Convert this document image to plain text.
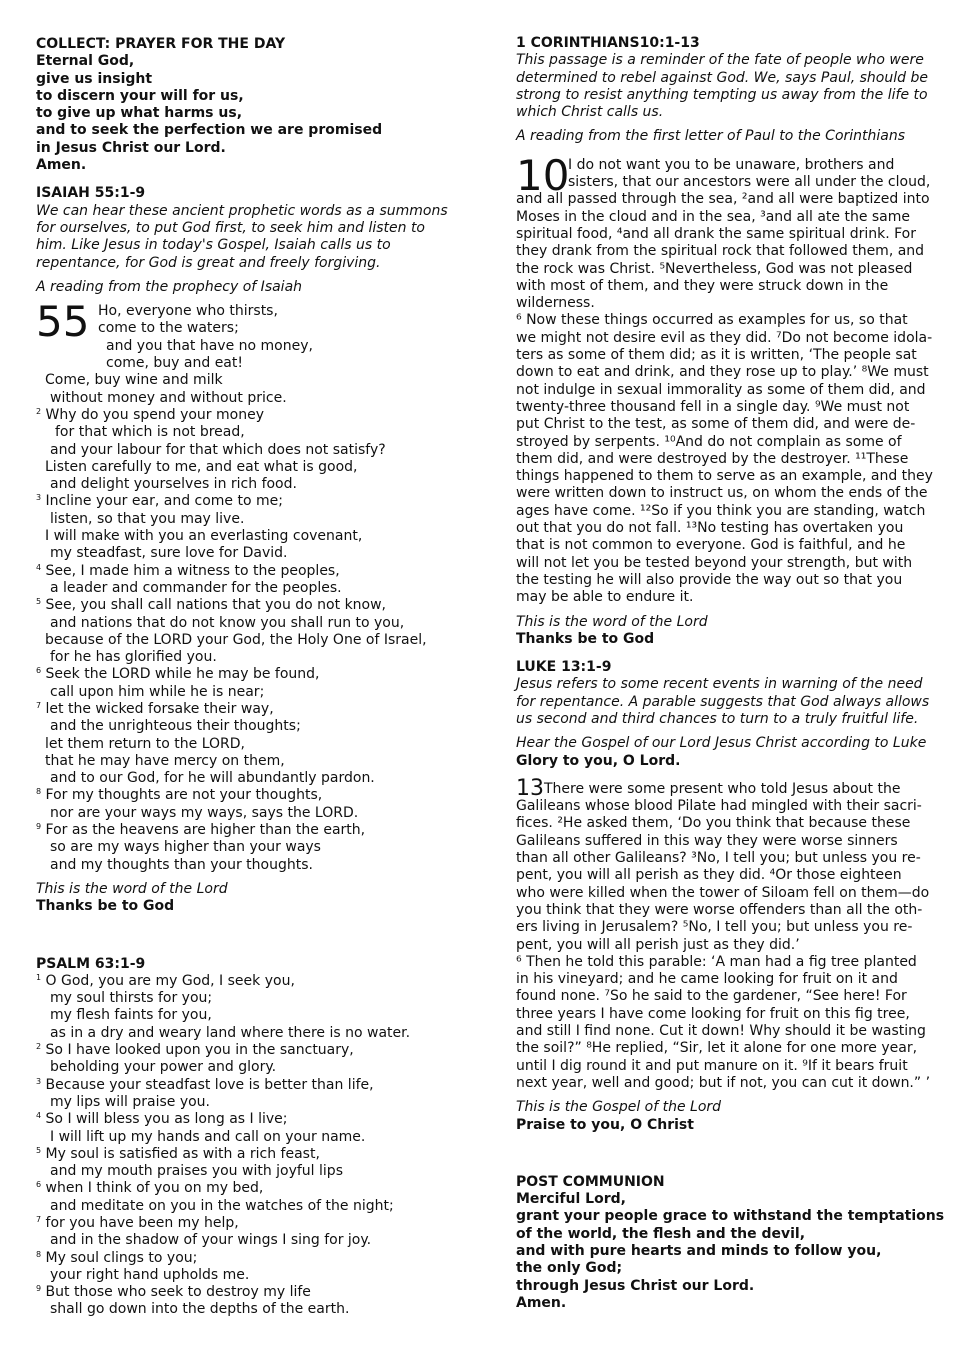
COLLECT: PRAYER FOR THE DAY
Eternal God,
give us insight
to discern your will for us,
to give up what harms us,
and to seek the perfection we are promised
in Jesus Christ our Lord.
Amen.
ISAIAH 55:1-9
We can hear these ancient prophetic words as a summons
for ourselves, to put God first, to seek him and listen to
him. Like Jesus in today's Gospel, Isaiah calls us to
repentance, for God is great and freely forgiving.
A reading from the prophecy of Isaiah
55 Ho, everyone who thirsts,
come to the waters;
and you that have no money,
come, buy and eat!
Come, buy wine and milk
without money and without price.
$^2$ Why do you spend your money
for that which is not bread,
and your labour for that which does not satisfy?
Listen carefully to me, and eat what is good,
and delight yourselves in rich food.
$^3$ Incline your ear, and come to me;
listen, so that you may live.
I will make with you an everlasting covenant,
my steadfast, sure love for David.
$^4$ See, I made him a witness to the peoples,
a leader and commander for the peoples.
$^5$ See, you shall call nations that you do not know,
and nations that do not know you shall run to you,
because of the LORD your God, the Holy One of Israel,
for he has glorified you.
$^6$ Seek the LORD while he may be found,
call upon him while he is near;
$^7$ let the wicked forsake their way,
and the unrighteous their thoughts;
let them return to the LORD,
that he may have mercy on them,
and to our God, for he will abundantly pardon.
$^8$ For my thoughts are not your thoughts,
nor are your ways my ways, says the LORD.
$^9$ For as the heavens are higher than the earth,
so are my ways higher than your ways
and my thoughts than your thoughts.
This is the word of the Lord
Thanks be to God
PSALM 63:1-9
$^1$ O God, you are my God, I seek you,
my soul thirsts for you;
my flesh faints for you,
as in a dry and weary land where there is no water.
$^2$ So I have looked upon you in the sanctuary,
beholding your power and glory.
$^3$ Because your steadfast love is better than life,
my lips will praise you.
$^4$ So I will bless you as long as I live;
I will lift up my hands and call on your name.
$^5$ My soul is satisfied as with a rich feast,
and my mouth praises you with joyful lips
$^6$ when I think of you on my bed,
and meditate on you in the watches of the night;
$^7$ for you have been my help,
and in the shadow of your wings I sing for joy.
$^8$ My soul clings to you;
your right hand upholds me.
$^9$ But those who seek to destroy my life
shall go down into the depths of the earth.
1 CORINTHIANS10:1-13
This passage is a reminder of the fate of people who were
determined to rebel against God. We, says Paul, should be
strong to resist anything tempting us away from the life to
which Christ calls us.
A reading from the first letter of Paul to the Corinthians
10
I do not want you to be unaware, brothers and
sisters, that our ancestors were all under the cloud,
and all passed through the sea, ²and all were baptized into
Moses in the cloud and in the sea, ³and all ate the same
spiritual food, ⁴and all drank the same spiritual drink. For
they drank from the spiritual rock that followed them, and
the rock was Christ. ⁵Nevertheless, God was not pleased
with most of them, and they were struck down in the
wilderness.
⁶ Now these things occurred as examples for us, so that
we might not desire evil as they did. ⁷Do not become idola-
ters as some of them did; as it is written, ‘The people sat
down to eat and drink, and they rose up to play.’ ⁸We must
not indulge in sexual immorality as some of them did, and
twenty-three thousand fell in a single day. ⁹We must not
put Christ to the test, as some of them did, and were de-
stroyed by serpents. ¹⁰And do not complain as some of
them did, and were destroyed by the destroyer. ¹¹These
things happened to them to serve as an example, and they
were written down to instruct us, on whom the ends of the
ages have come. ¹²So if you think you are standing, watch
out that you do not fall. ¹³No testing has overtaken you
that is not common to everyone. God is faithful, and he
will not let you be tested beyond your strength, but with
the testing he will also provide the way out so that you
may be able to endure it.
This is the word of the Lord
Thanks be to God
LUKE 13:1-9
Jesus refers to some recent events in warning of the need
for repentance. A parable suggests that God always allows
us second and third chances to turn to a truly fruitful life.
Hear the Gospel of our Lord Jesus Christ according to Luke
Glory to you, O Lord.
13 There were some present who told Jesus about the
Galileans whose blood Pilate had mingled with their sacri-
fices. ²He asked them, ‘Do you think that because these
Galileans suffered in this way they were worse sinners
than all other Galileans? ³No, I tell you; but unless you re-
pent, you will all perish as they did. ⁴Or those eighteen
who were killed when the tower of Siloam fell on them—do
you think that they were worse offenders than all the oth-
ers living in Jerusalem? ⁵No, I tell you; but unless you re-
pent, you will all perish just as they did.’
⁶ Then he told this parable: ‘A man had a fig tree planted
in his vineyard; and he came looking for fruit on it and
found none. ⁷So he said to the gardener, “See here! For
three years I have come looking for fruit on this fig tree,
and still I find none. Cut it down! Why should it be wasting
the soil?” ⁸He replied, “Sir, let it alone for one more year,
until I dig round it and put manure on it. ⁹If it bears fruit
next year, well and good; but if not, you can cut it down.” ’
This is the Gospel of the Lord
Praise to you, O Christ
POST COMMUNION
Merciful Lord,
grant your people grace to withstand the temptations
of the world, the flesh and the devil,
and with pure hearts and minds to follow you,
the only God;
through Jesus Christ our Lord.
Amen.
